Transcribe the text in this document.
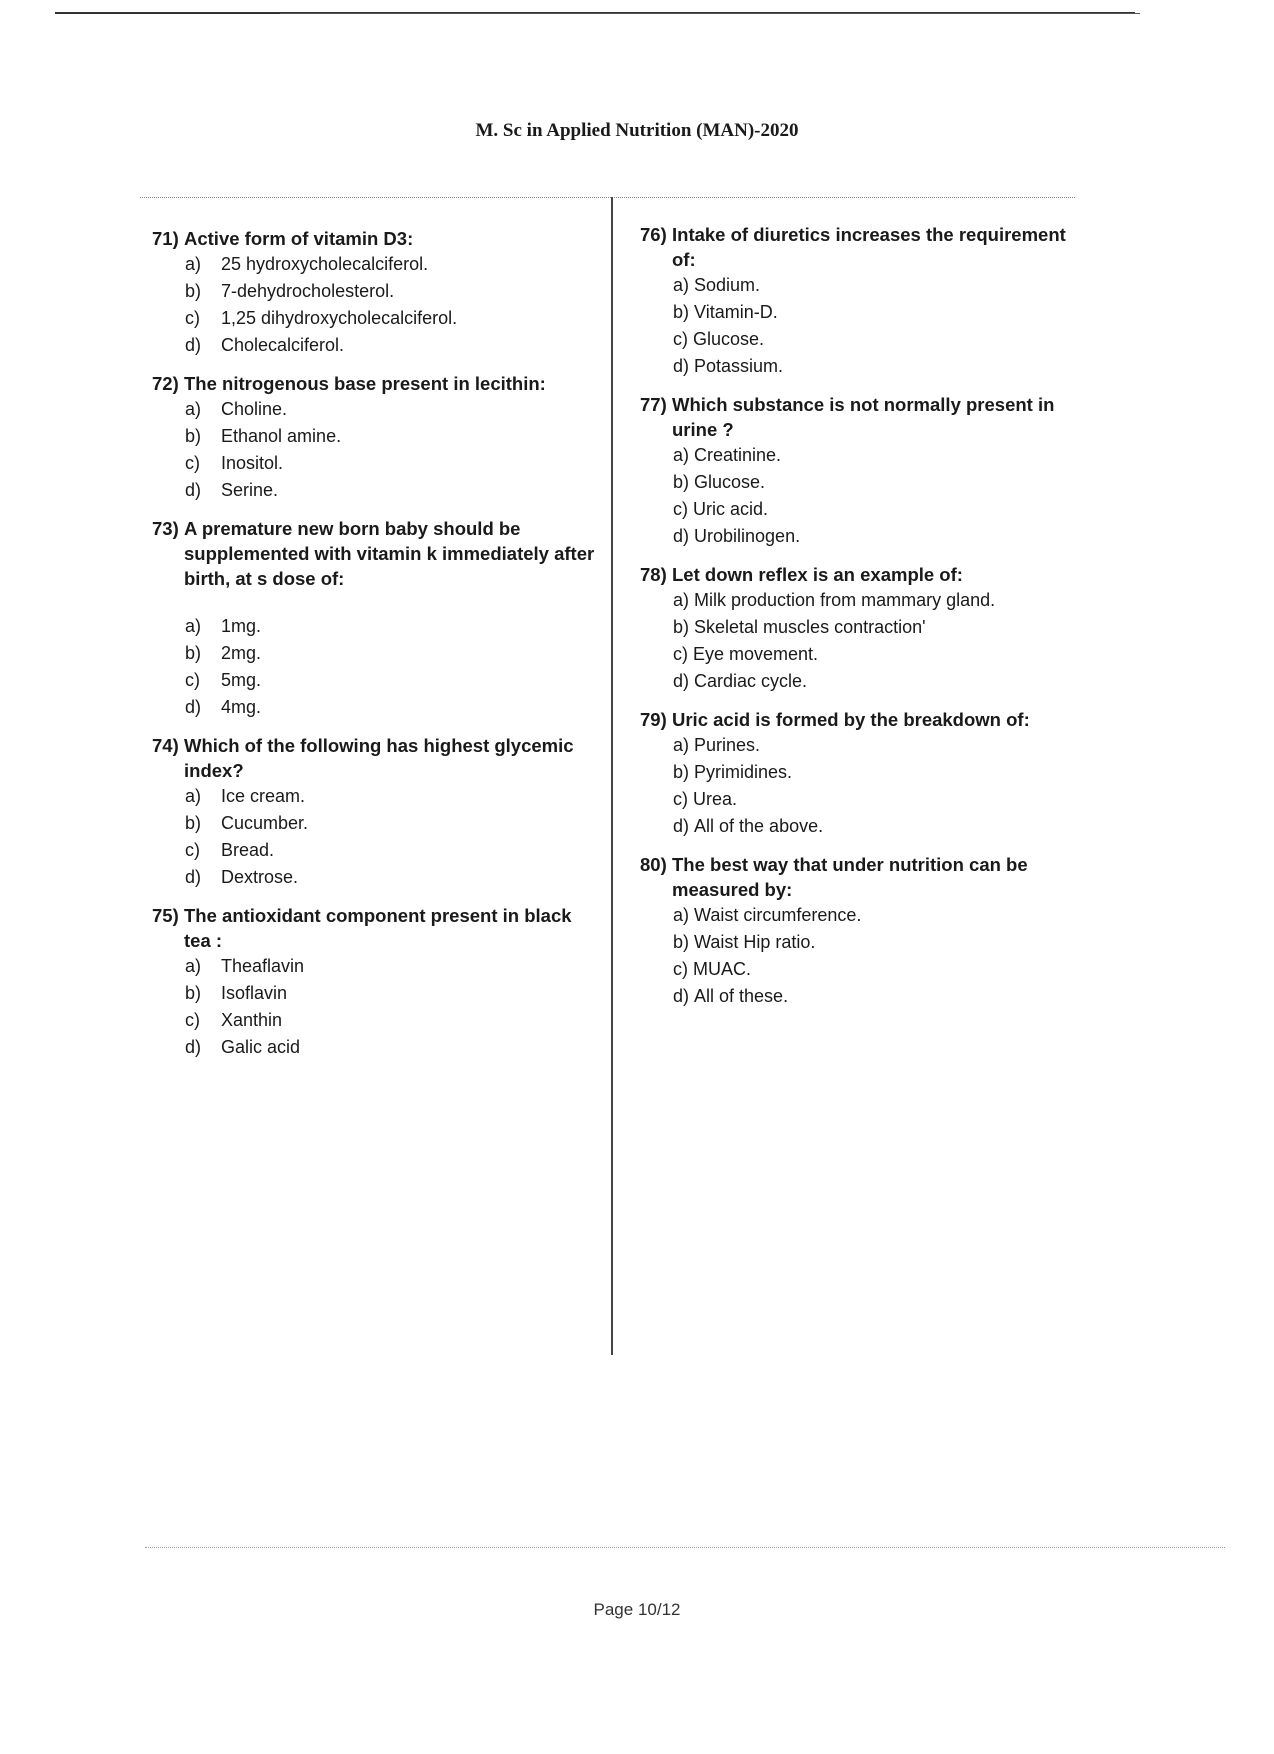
M. Sc in Applied Nutrition (MAN)-2020
71) Active form of vitamin D3:
a)	25 hydroxycholecalciferol.
b)	7-dehydrocholesterol.
c)	1,25 dihydroxycholecalciferol.
d)	Cholecalciferol.
72) The nitrogenous base present in lecithin:
a)	Choline.
b)	Ethanol amine.
c)	Inositol.
d)	Serine.
73) A premature new born baby should be supplemented with vitamin k immediately after birth, at s dose of:
a)	1mg.
b)	2mg.
c)	5mg.
d)	4mg.
74) Which of the following has highest glycemic index?
a)	Ice cream.
b)	Cucumber.
c)	Bread.
d)	Dextrose.
75) The antioxidant component present in black tea :
a)	Theaflavin
b)	Isoflavin
c)	Xanthin
d)	Galic acid
76) Intake of diuretics increases the requirement of:
a) Sodium.
b) Vitamin-D.
c) Glucose.
d) Potassium.
77) Which substance is not normally present in urine ?
a) Creatinine.
b) Glucose.
c) Uric acid.
d) Urobilinogen.
78) Let down reflex is an example of:
a) Milk production from mammary gland.
b) Skeletal muscles contraction'
c) Eye movement.
d) Cardiac cycle.
79) Uric acid is formed by the breakdown of:
a) Purines.
b) Pyrimidines.
c) Urea.
d) All of the above.
80) The best way that under nutrition can be measured by:
a) Waist circumference.
b) Waist Hip ratio.
c) MUAC.
d) All of these.
Page 10/12
